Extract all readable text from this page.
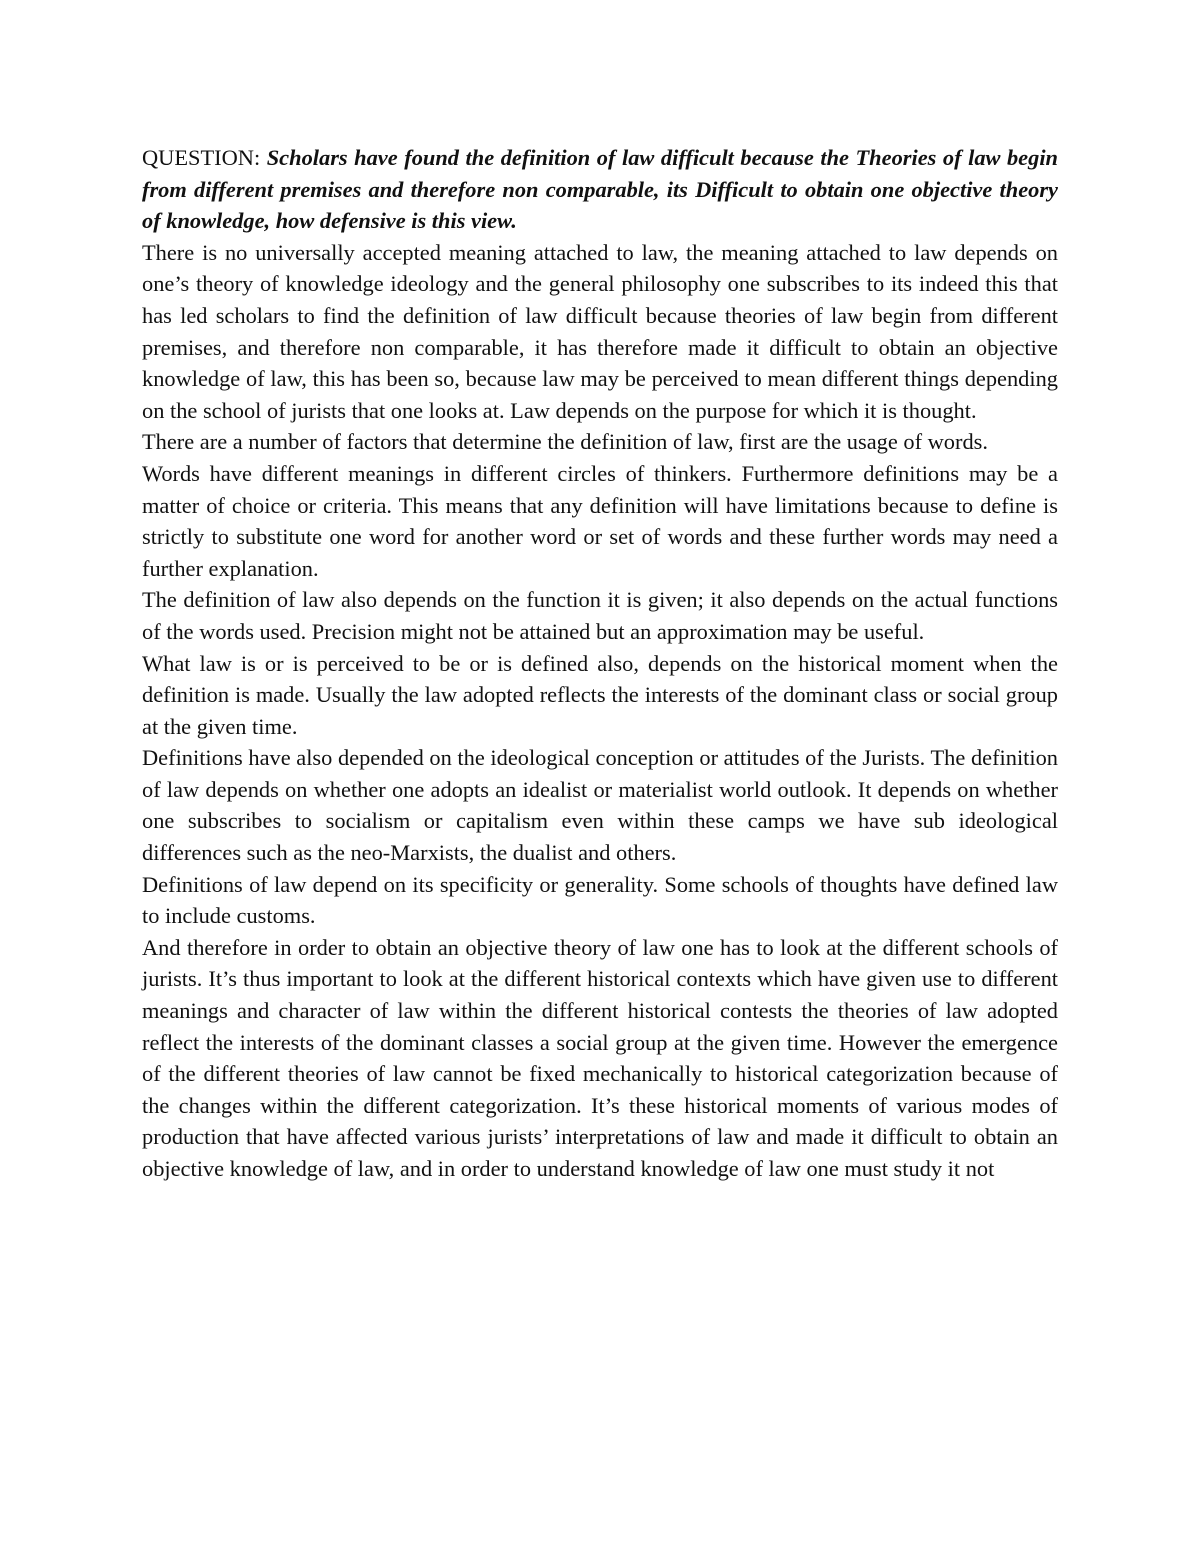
QUESTION: Scholars have found the definition of law difficult because the Theories of law begin from different premises and therefore non comparable, its Difficult to obtain one objective theory of knowledge, how defensive is this view.

There is no universally accepted meaning attached to law, the meaning attached to law depends on one’s theory of knowledge ideology and the general philosophy one subscribes to its indeed this that has led scholars to find the definition of law difficult because theories of law begin from different premises, and therefore non comparable, it has therefore made it difficult to obtain an objective knowledge of law, this has been so, because law may be perceived to mean different things depending on the school of jurists that one looks at. Law depends on the purpose for which it is thought.

There are a number of factors that determine the definition of law, first are the usage of words.

Words have different meanings in different circles of thinkers. Furthermore definitions may be a matter of choice or criteria. This means that any definition will have limitations because to define is strictly to substitute one word for another word or set of words and these further words may need a further explanation.

The definition of law also depends on the function it is given; it also depends on the actual functions of the words used. Precision might not be attained but an approximation may be useful.

What law is or is perceived to be or is defined also, depends on the historical moment when the definition is made. Usually the law adopted reflects the interests of the dominant class or social group at the given time.

Definitions have also depended on the ideological conception or attitudes of the Jurists. The definition of law depends on whether one adopts an idealist or materialist world outlook. It depends on whether one subscribes to socialism or capitalism even within these camps we have sub ideological differences such as the neo-Marxists, the dualist and others.

Definitions of law depend on its specificity or generality. Some schools of thoughts have defined law to include customs.

And therefore in order to obtain an objective theory of law one has to look at the different schools of jurists. It’s thus important to look at the different historical contexts which have given use to different meanings and character of law within the different historical contests the theories of law adopted reflect the interests of the dominant classes a social group at the given time. However the emergence of the different theories of law cannot be fixed mechanically to historical categorization because of the changes within the different categorization. It’s these historical moments of various modes of production that have affected various jurists’ interpretations of law and made it difficult to obtain an objective knowledge of law, and in order to understand knowledge of law one must study it not
